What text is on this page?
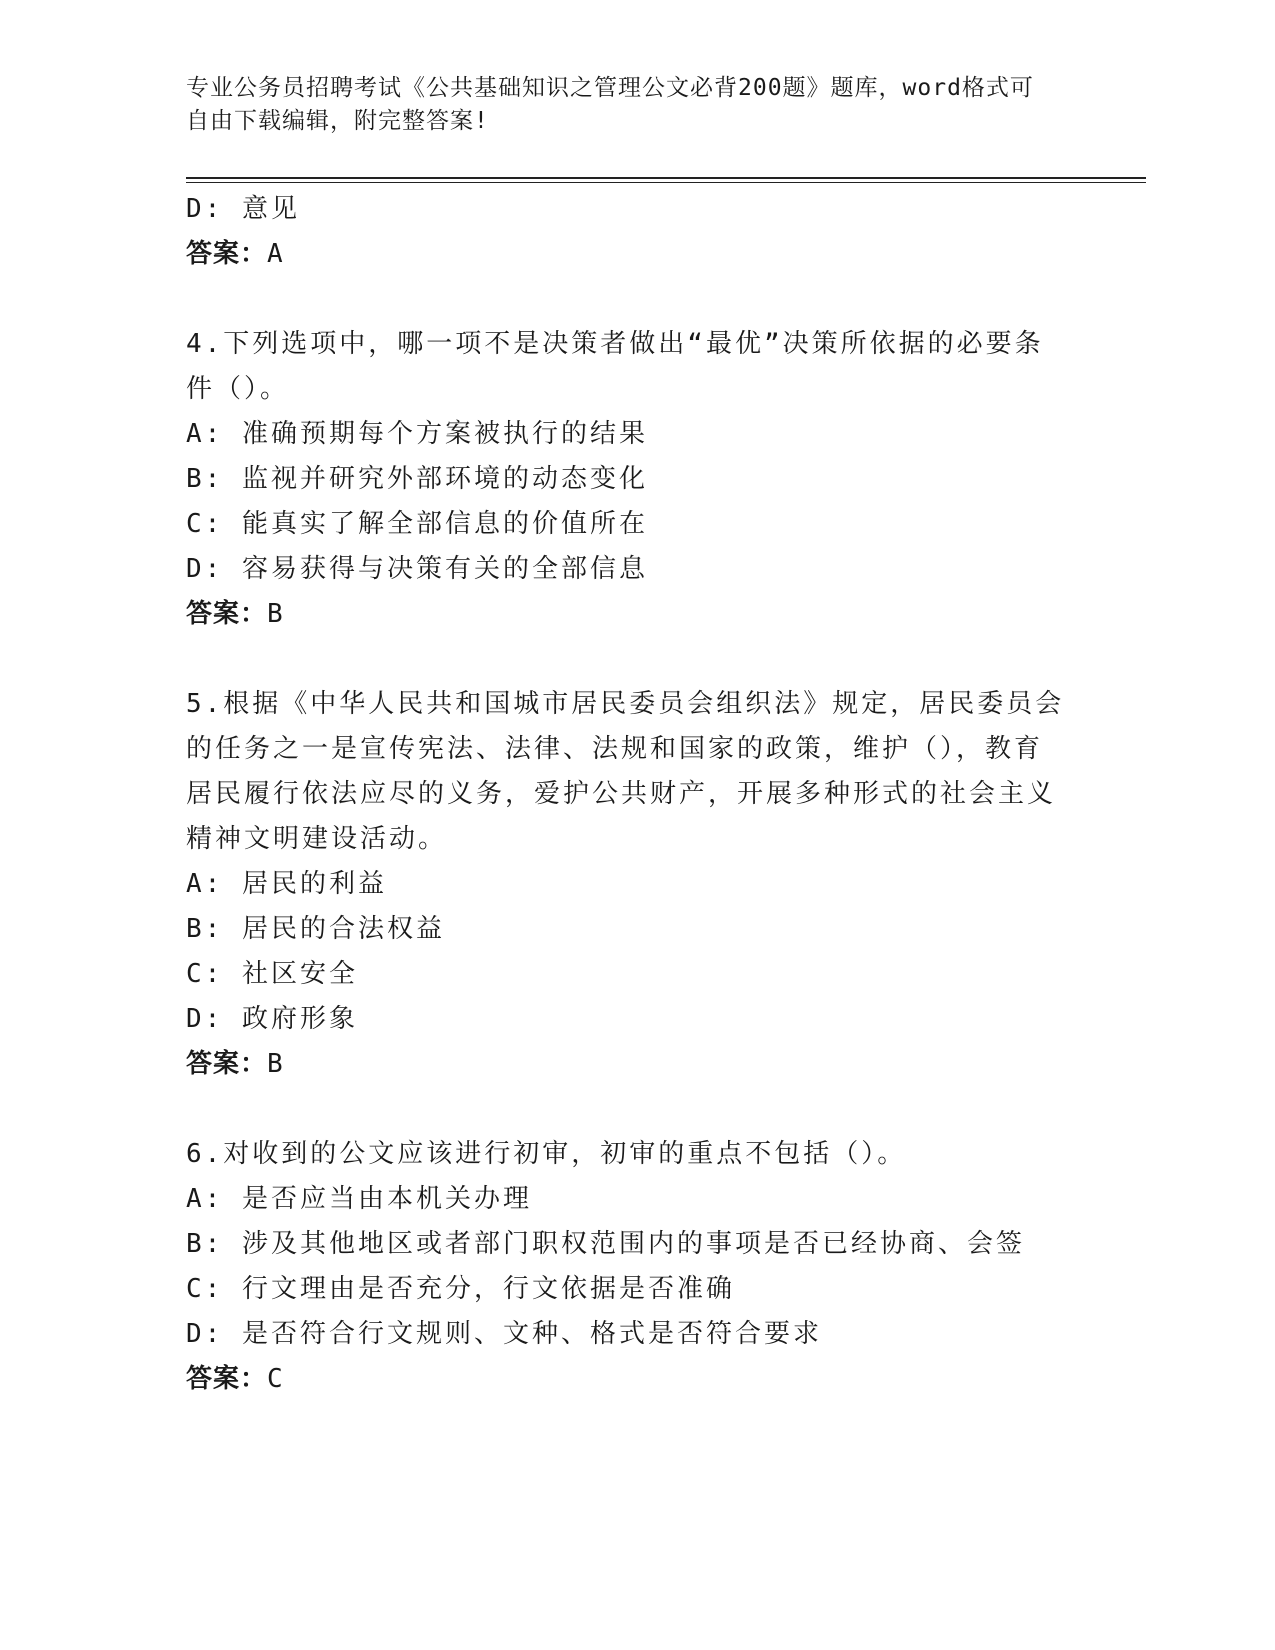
专业公务员招聘考试《公共基础知识之管理公文必背200题》题库，word格式可
自由下载编辑，附完整答案!
D: 意见
答案：A
4.下列选项中，哪一项不是决策者做出“最优”决策所依据的必要条
件（）。
A: 准确预期每个方案被执行的结果
B: 监视并研究外部环境的动态变化
C: 能真实了解全部信息的价值所在
D: 容易获得与决策有关的全部信息
答案：B
5.根据《中华人民共和国城市居民委员会组织法》规定，居民委员会
的任务之一是宣传宪法、法律、法规和国家的政策，维护（），教育
居民履行依法应尽的义务，爱护公共财产，开展多种形式的社会主义
精神文明建设活动。
A: 居民的利益
B: 居民的合法权益
C: 社区安全
D: 政府形象
答案：B
6.对收到的公文应该进行初审，初审的重点不包括（）。
A: 是否应当由本机关办理
B: 涉及其他地区或者部门职权范围内的事项是否已经协商、会签
C: 行文理由是否充分，行文依据是否准确
D: 是否符合行文规则、文种、格式是否符合要求
答案：C
